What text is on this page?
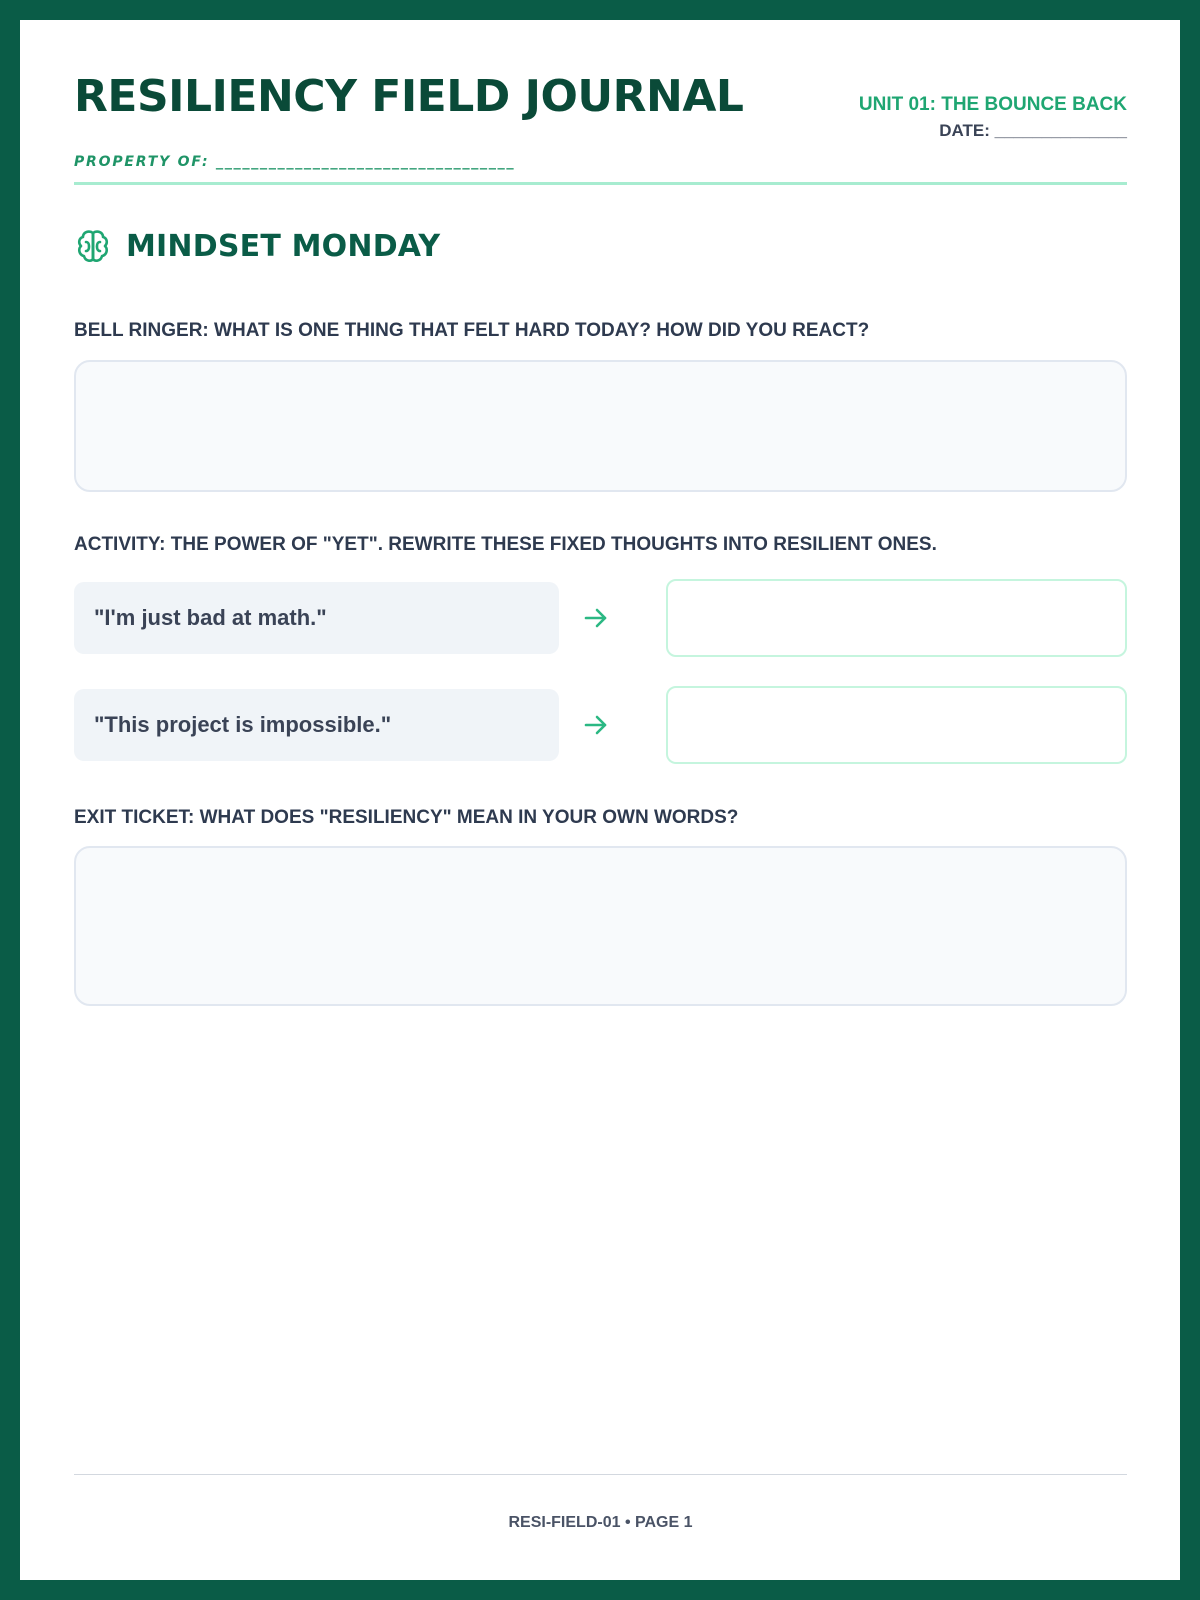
RESILIENCY FIELD JOURNAL
PROPERTY OF: __________________________________
UNIT 01: THE BOUNCE BACK
DATE: ______________
MINDSET MONDAY
BELL RINGER: WHAT IS ONE THING THAT FELT HARD TODAY? HOW DID YOU REACT?
ACTIVITY: THE POWER OF "YET". REWRITE THESE FIXED THOUGHTS INTO RESILIENT ONES.
"I'm just bad at math."
"This project is impossible."
EXIT TICKET: WHAT DOES "RESILIENCY" MEAN IN YOUR OWN WORDS?
RESI-FIELD-01 • PAGE 1
